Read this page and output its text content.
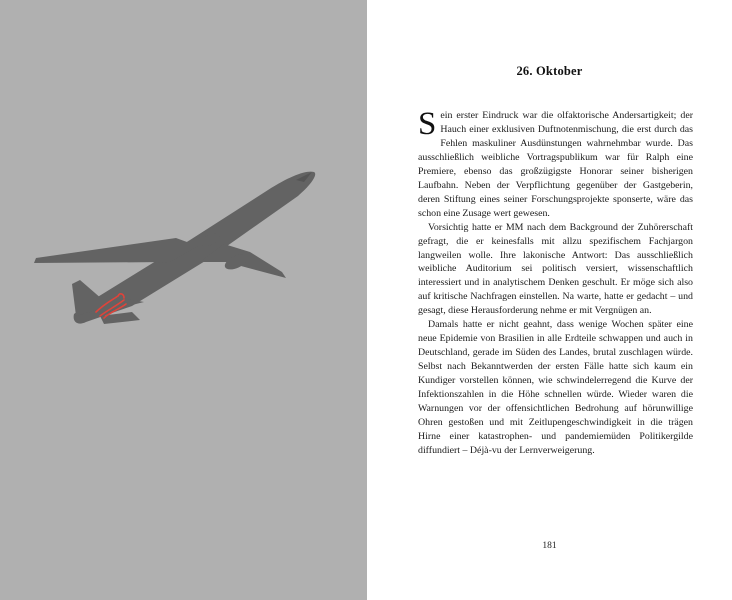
26. Oktober

Sein erster Eindruck war die olfaktorische Andersartigkeit; der Hauch einer exklusiven Duftnotenmischung, die erst durch das Fehlen maskuliner Ausdünstungen wahrnehmbar wurde. Das ausschließlich weibliche Vortragspublikum war für Ralph eine Premiere, ebenso das großzügigste Honorar seiner bisherigen Laufbahn. Neben der Verpflichtung gegenüber der Gastgeberin, deren Stiftung eines seiner Forschungsprojekte sponserte, wäre das schon eine Zusage wert gewesen.

Vorsichtig hatte er MM nach dem Background der Zuhörerschaft gefragt, die er keinesfalls mit allzu spezifischem Fachjargon langweilen wolle. Ihre lakonische Antwort: Das ausschließlich weibliche Auditorium sei politisch versiert, wissenschaftlich interessiert und in analytischem Denken geschult. Er möge sich also auf kritische Nachfragen einstellen. Na warte, hatte er gedacht – und gesagt, diese Herausforderung nehme er mit Vergnügen an.

Damals hatte er nicht geahnt, dass wenige Wochen später eine neue Epidemie von Brasilien in alle Erdteile schwappen und auch in Deutschland, gerade im Süden des Landes, brutal zuschlagen würde. Selbst nach Bekanntwerden der ersten Fälle hatte sich kaum ein Kundiger vorstellen können, wie schwindelerregend die Kurve der Infektionszahlen in die Höhe schnellen würde. Wieder waren die Warnungen vor der offensichtlichen Bedrohung auf hörunwillige Ohren gestoßen und mit Zeitlupengeschwindigkeit in die trägen Hirne einer katastrophen- und pandemiemüden Politikergilde diffundiert – Déjà-vu der Lernverweigerung.

181
